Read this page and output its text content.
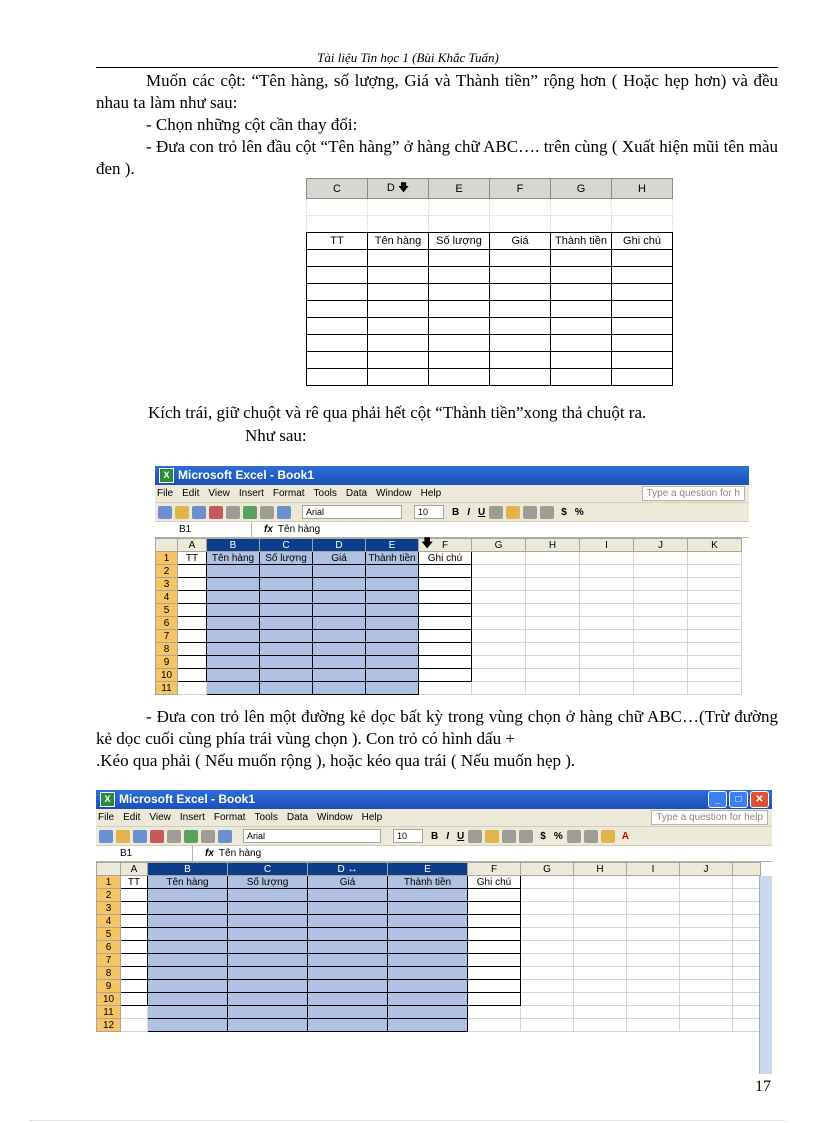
Tài liệu Tin học 1 (Bùi Khắc Tuấn)
Muốn các cột: “Tên hàng, số lượng, Giá và Thành tiền” rộng hơn ( Hoặc hẹp hơn) và đều nhau ta làm như sau:
- Chọn những cột cần thay đổi:
- Đưa con trỏ lên đầu cột “Tên hàng” ở hàng chữ ABC…. trên cùng ( Xuất hiện mũi tên màu đen ).
C	D 🡇	E	F	G	H

TT	Tên hàng	Số lượng	Giá	Thành tiền	Ghi chú

Kích trái, giữ chuột và rê qua phải hết cột “Thành tiền”xong thả chuột ra.
Như sau:
X Microsoft Excel - Book1
File Edit View Insert Format Tools Data Window Help	Type a question for h
Arial	10	B I U	$ %
B1	fx Tên hàng
	A	B	C	D	E	F	G	H	I	J	K
1	TT	Tên hàng	Số lượng	Giá	Thành tiền	Ghi chú					
2											
3											
4											
5											
6											
7											
8											
9											
10											
11											
🡇
- Đưa con trỏ lên một đường kẻ dọc bất kỳ trong vùng chọn ở hàng chữ ABC…(Trừ đường kẻ dọc cuối cùng phía trái vùng chọn ). Con trỏ có hình dấu +
.Kéo qua phải ( Nếu muốn rộng ), hoặc kéo qua trái ( Nếu muốn hẹp ).
X Microsoft Excel - Book1	_	□	✕
File Edit View Insert Format Tools Data Window Help	Type a question for help
Arial	10	B I U	$ %	A
B1	fx Tên hàng
	A	B	C	D ↔	E	F	G	H	I	J	
1	TT	Tên hàng	Số lượng	Giá	Thành tiền	Ghi chú					
2											
3											
4											
5											
6											
7											
8											
9											
10											
11											
12											
17
